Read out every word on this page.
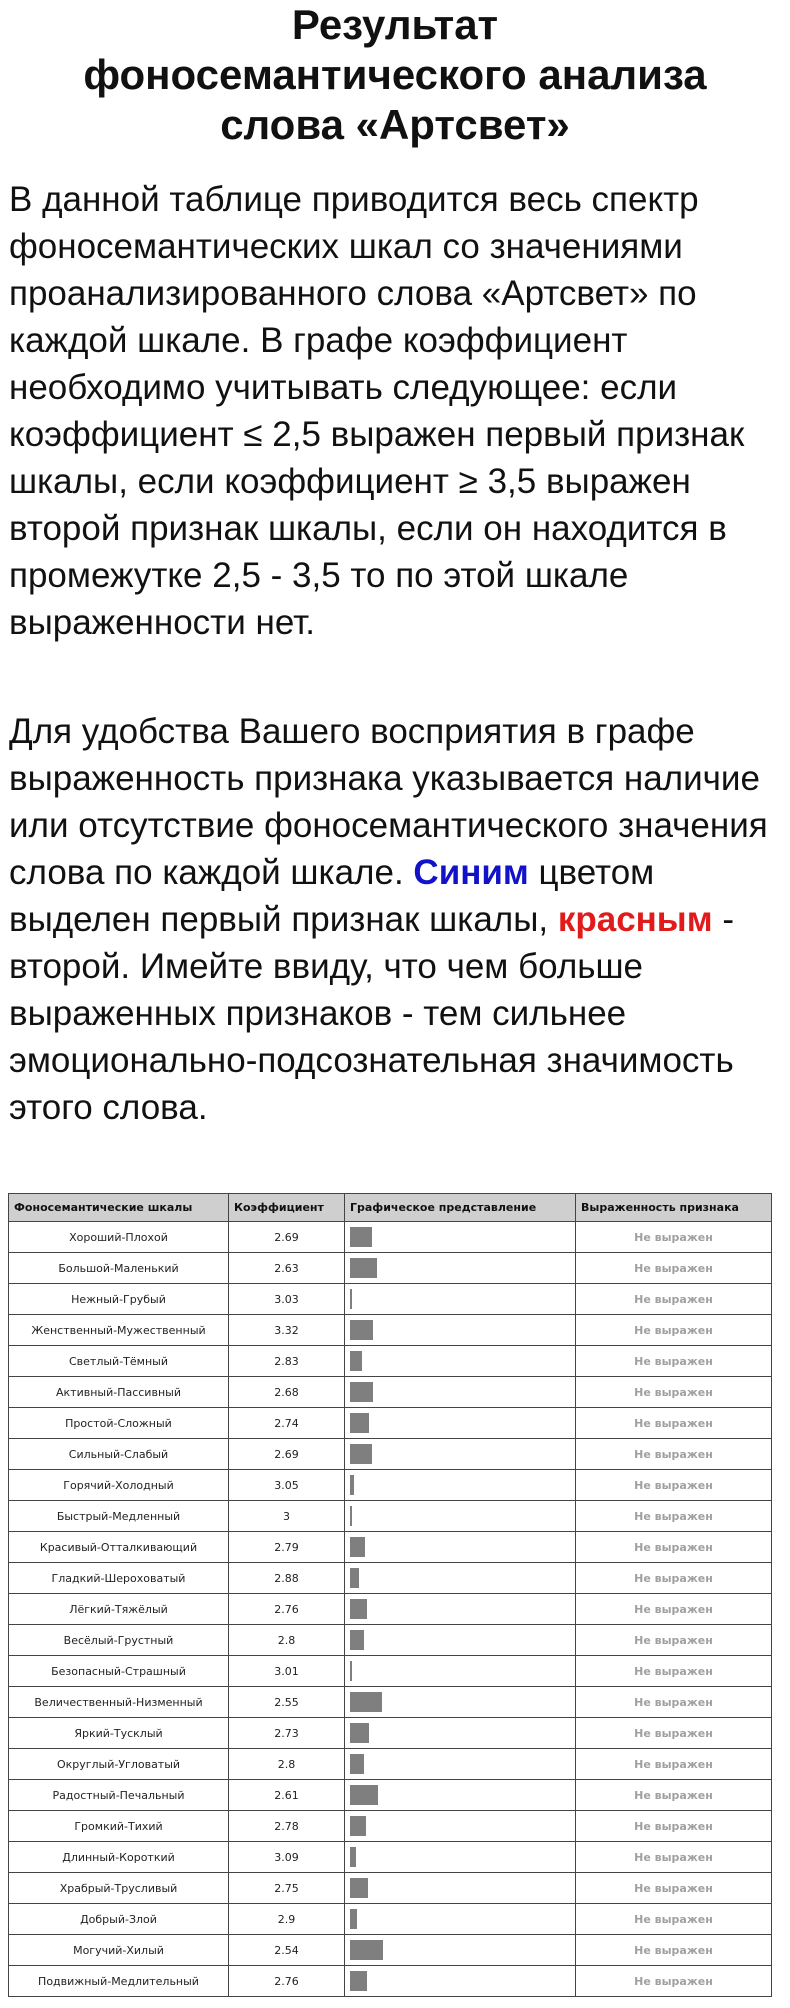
Результат
фоносемантического анализа
слова «Артсвет»

В данной таблице приводится весь спектр фоносемантических шкал со значениями проанализированного слова «Артсвет» по каждой шкале. В графе коэффициент необходимо учитывать следующее: если коэффициент ≤ 2,5 выражен первый признак шкалы, если коэффициент ≥ 3,5 выражен второй признак шкалы, если он находится в промежутке 2,5 - 3,5 то по этой шкале выраженности нет.

Для удобства Вашего восприятия в графе выраженность признака указывается наличие или отсутствие фоносемантического значения слова по каждой шкале. Синим цветом выделен первый признак шкалы, красным - второй. Имейте ввиду, что чем больше выраженных признаков - тем сильнее эмоционально-подсознательная значимость этого слова.

Фоносемантические шкалы	Коэффициент	Графическое представление	Выраженность признака
Хороший-Плохой	2.69		Не выражен
Большой-Маленький	2.63		Не выражен
Нежный-Грубый	3.03		Не выражен
Женственный-Мужественный	3.32		Не выражен
Светлый-Тёмный	2.83		Не выражен
Активный-Пассивный	2.68		Не выражен
Простой-Сложный	2.74		Не выражен
Сильный-Слабый	2.69		Не выражен
Горячий-Холодный	3.05		Не выражен
Быстрый-Медленный	3		Не выражен
Красивый-Отталкивающий	2.79		Не выражен
Гладкий-Шероховатый	2.88		Не выражен
Лёгкий-Тяжёлый	2.76		Не выражен
Весёлый-Грустный	2.8		Не выражен
Безопасный-Страшный	3.01		Не выражен
Величественный-Низменный	2.55		Не выражен
Яркий-Тусклый	2.73		Не выражен
Округлый-Угловатый	2.8		Не выражен
Радостный-Печальный	2.61		Не выражен
Громкий-Тихий	2.78		Не выражен
Длинный-Короткий	3.09		Не выражен
Храбрый-Трусливый	2.75		Не выражен
Добрый-Злой	2.9		Не выражен
Могучий-Хилый	2.54		Не выражен
Подвижный-Медлительный	2.76		Не выражен
